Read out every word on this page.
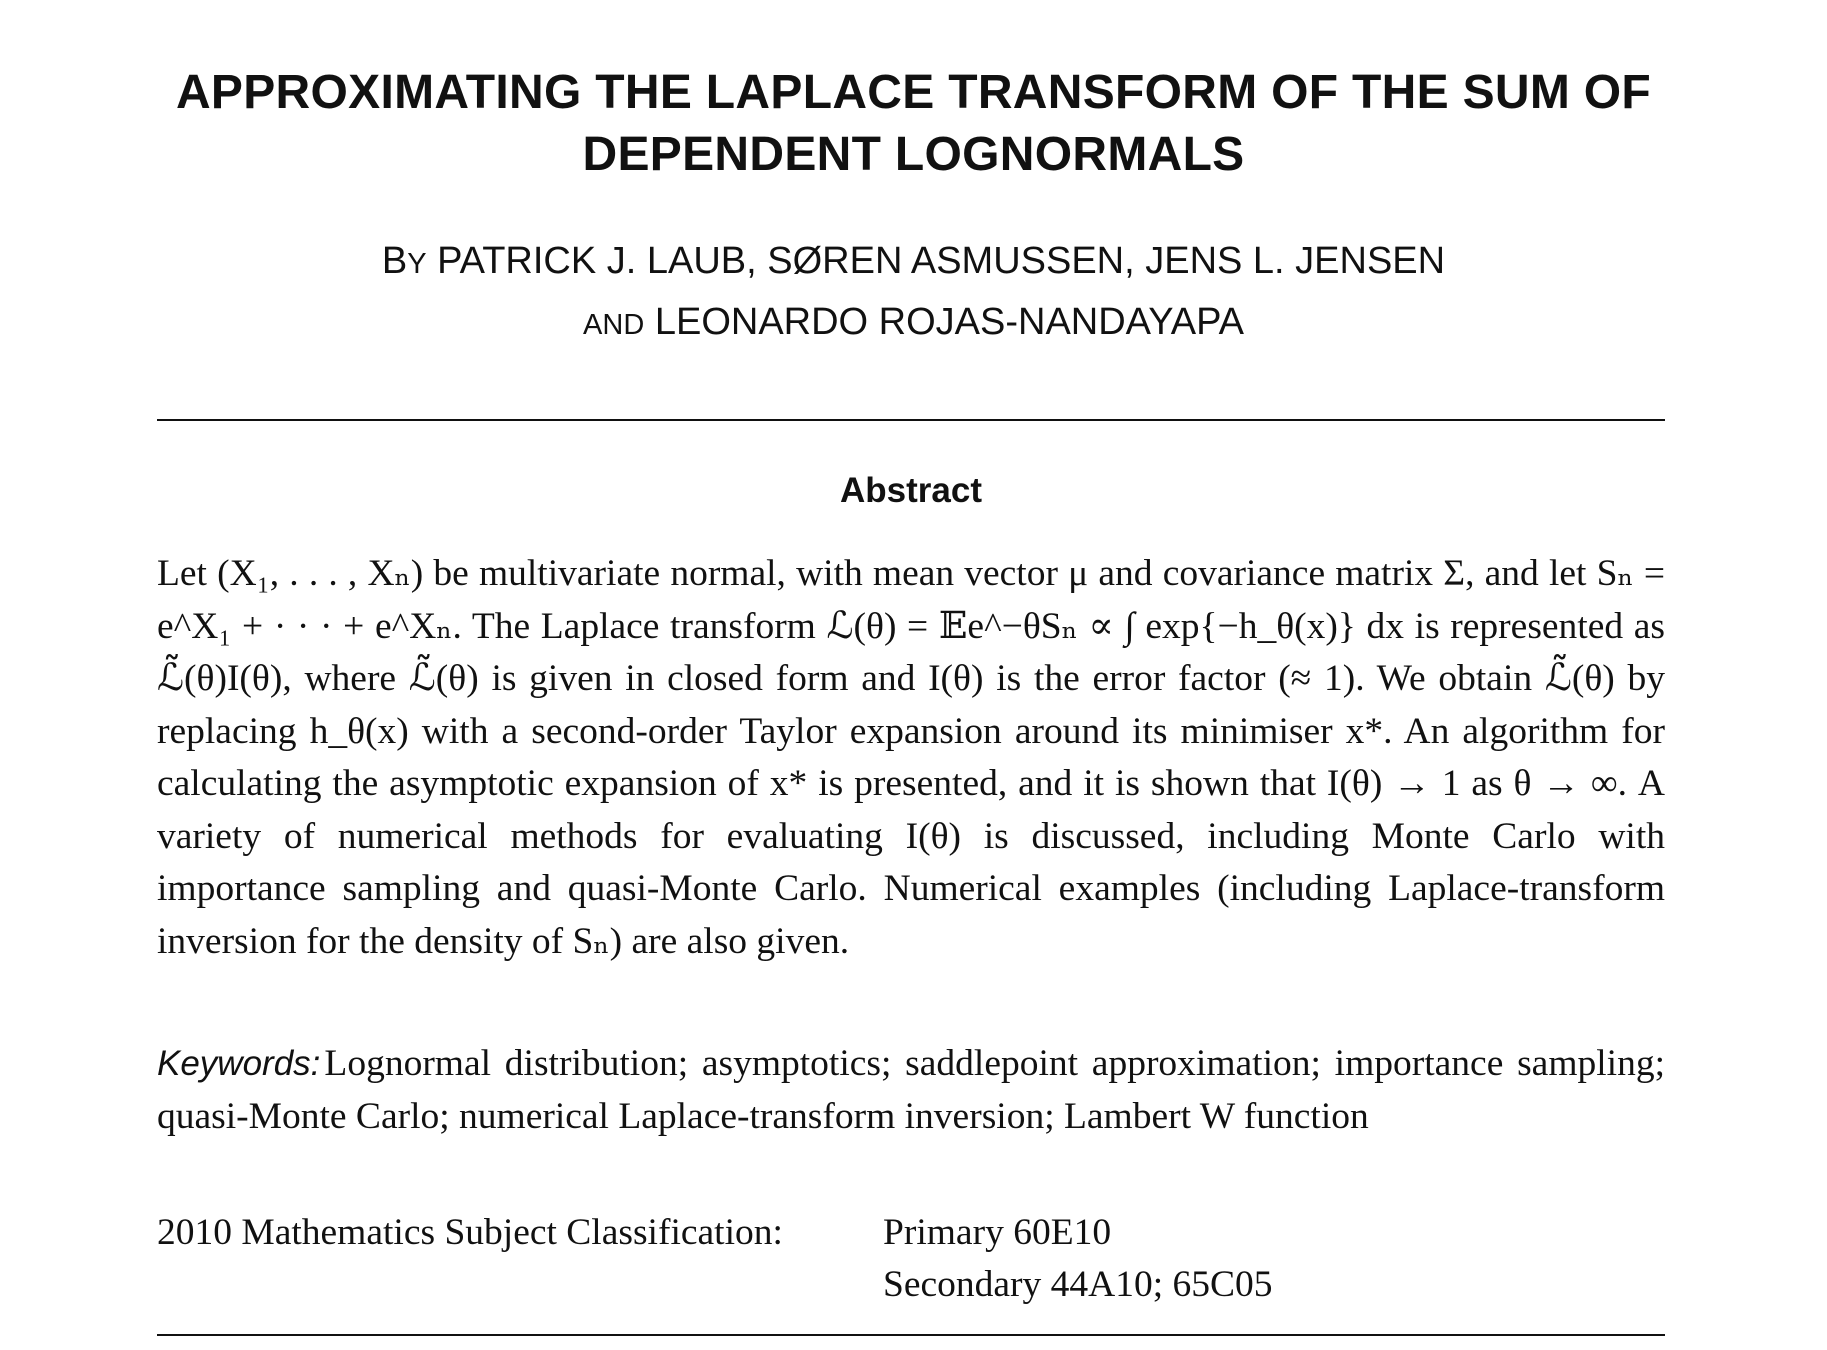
APPROXIMATING THE LAPLACE TRANSFORM OF THE SUM OF
DEPENDENT LOGNORMALS

BY PATRICK J. LAUB, SØREN ASMUSSEN, JENS L. JENSEN
AND LEONARDO ROJAS-NANDAYAPA

Abstract

Let (X₁, . . . , Xₙ) be multivariate normal, with mean vector μ and covariance matrix Σ, and let Sₙ = e^X₁ + · · · + e^Xₙ. The Laplace transform ℒ(θ) = 𝔼e^−θSₙ ∝ ∫ exp{−h_θ(x)} dx is represented as ℒ̃(θ)I(θ), where ℒ̃(θ) is given in closed form and I(θ) is the error factor (≈ 1). We obtain ℒ̃(θ) by replacing h_θ(x) with a second-order Taylor expansion around its minimiser x*. An algorithm for calculating the asymptotic expansion of x* is presented, and it is shown that I(θ) → 1 as θ → ∞. A variety of numerical methods for evaluating I(θ) is discussed, including Monte Carlo with importance sampling and quasi-Monte Carlo. Numerical examples (including Laplace-transform inversion for the density of Sₙ) are also given.

Keywords: Lognormal distribution; asymptotics; saddlepoint approximation; importance sampling; quasi-Monte Carlo; numerical Laplace-transform inversion; Lambert W function

2010 Mathematics Subject Classification:	Primary 60E10
Secondary 44A10; 65C05
